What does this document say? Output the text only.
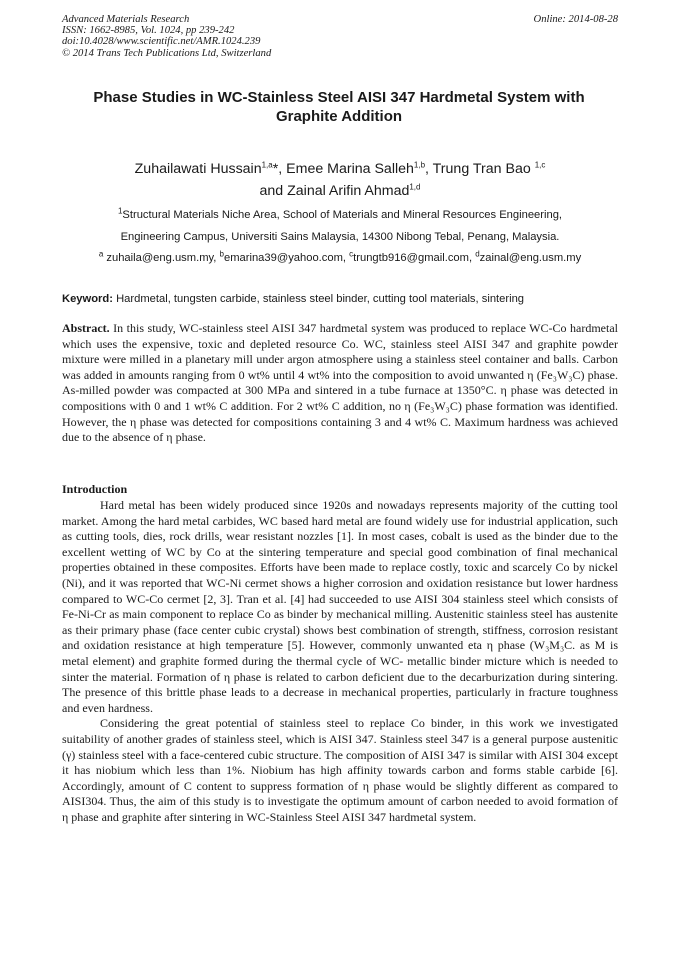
Advanced Materials Research
ISSN: 1662-8985, Vol. 1024, pp 239-242
doi:10.4028/www.scientific.net/AMR.1024.239
© 2014 Trans Tech Publications Ltd, Switzerland
Online: 2014-08-28
Phase Studies in WC-Stainless Steel AISI 347 Hardmetal System with Graphite Addition
Zuhailawati Hussain$^{1,a}$*, Emee Marina Salleh$^{1,b}$, Trung Tran Bao $^{1,c}$
and Zainal Arifin Ahmad$^{1,d}$
$^1$Structural Materials Niche Area, School of Materials and Mineral Resources Engineering,
Engineering Campus, Universiti Sains Malaysia, 14300 Nibong Tebal, Penang, Malaysia.
$^a$ zuhaila@eng.usm.my, $^b$emarina39@yahoo.com, $^c$trungtb916@gmail.com, $^d$zainal@eng.usm.my
Keyword: Hardmetal, tungsten carbide, stainless steel binder, cutting tool materials, sintering
Abstract. In this study, WC-stainless steel AISI 347 hardmetal system was produced to replace WC-Co hardmetal which uses the expensive, toxic and depleted resource Co. WC, stainless steel AISI 347 and graphite powder mixture were milled in a planetary mill under argon atmosphere using a stainless steel container and balls. Carbon was added in amounts ranging from 0 wt% until 4 wt% into the composition to avoid unwanted η (Fe₃W₃C) phase. As-milled powder was compacted at 300 MPa and sintered in a tube furnace at 1350°C. η phase was detected in compositions with 0 and 1 wt% C addition. For 2 wt% C addition, no η (Fe₃W₃C) phase formation was identified. However, the η phase was detected for compositions containing 3 and 4 wt% C. Maximum hardness was achieved due to the absence of η phase.
Introduction

Hard metal has been widely produced since 1920s and nowadays represents majority of the cutting tool market. Among the hard metal carbides, WC based hard metal are found widely use for industrial application, such as cutting tools, dies, rock drills, wear resistant nozzles [1]. In most cases, cobalt is used as the binder due to the excellent wetting of WC by Co at the sintering temperature and special good combination of final mechanical properties obtained in these composites. Efforts have been made to replace costly, toxic and scarcely Co by nickel (Ni), and it was reported that WC-Ni cermet shows a higher corrosion and oxidation resistance but lower hardness compared to WC-Co cermet [2, 3]. Tran et al. [4] had succeeded to use AISI 304 stainless steel which consists of Fe-Ni-Cr as main component to replace Co as binder by mechanical milling. Austenitic stainless steel has austenite as their primary phase (face center cubic crystal) shows best combination of strength, stiffness, corrosion resistant and oxidation resistance at high temperature [5]. However, commonly unwanted eta η phase (W₃M₃C. as M is metal element) and graphite formed during the thermal cycle of WC- metallic binder micture which is needed to sinter the material. Formation of η phase is related to carbon deficient due to the decarburization during sintering. The presence of this brittle phase leads to a decrease in mechanical properties, particularly in fracture toughness and even hardness.

Considering the great potential of stainless steel to replace Co binder, in this work we investigated suitability of another grades of stainless steel, which is AISI 347. Stainless steel 347 is a general purpose austenitic (γ) stainless steel with a face-centered cubic structure. The composition of AISI 347 is similar with AISI 304 except it has niobium which less than 1%. Niobium has high affinity towards carbon and forms stable carbide [6]. Accordingly, amount of C content to suppress formation of η phase would be slightly different as compared to AISI304. Thus, the aim of this study is to investigate the optimum amount of carbon needed to avoid formation of η phase and graphite after sintering in WC-Stainless Steel AISI 347 hardmetal system.
